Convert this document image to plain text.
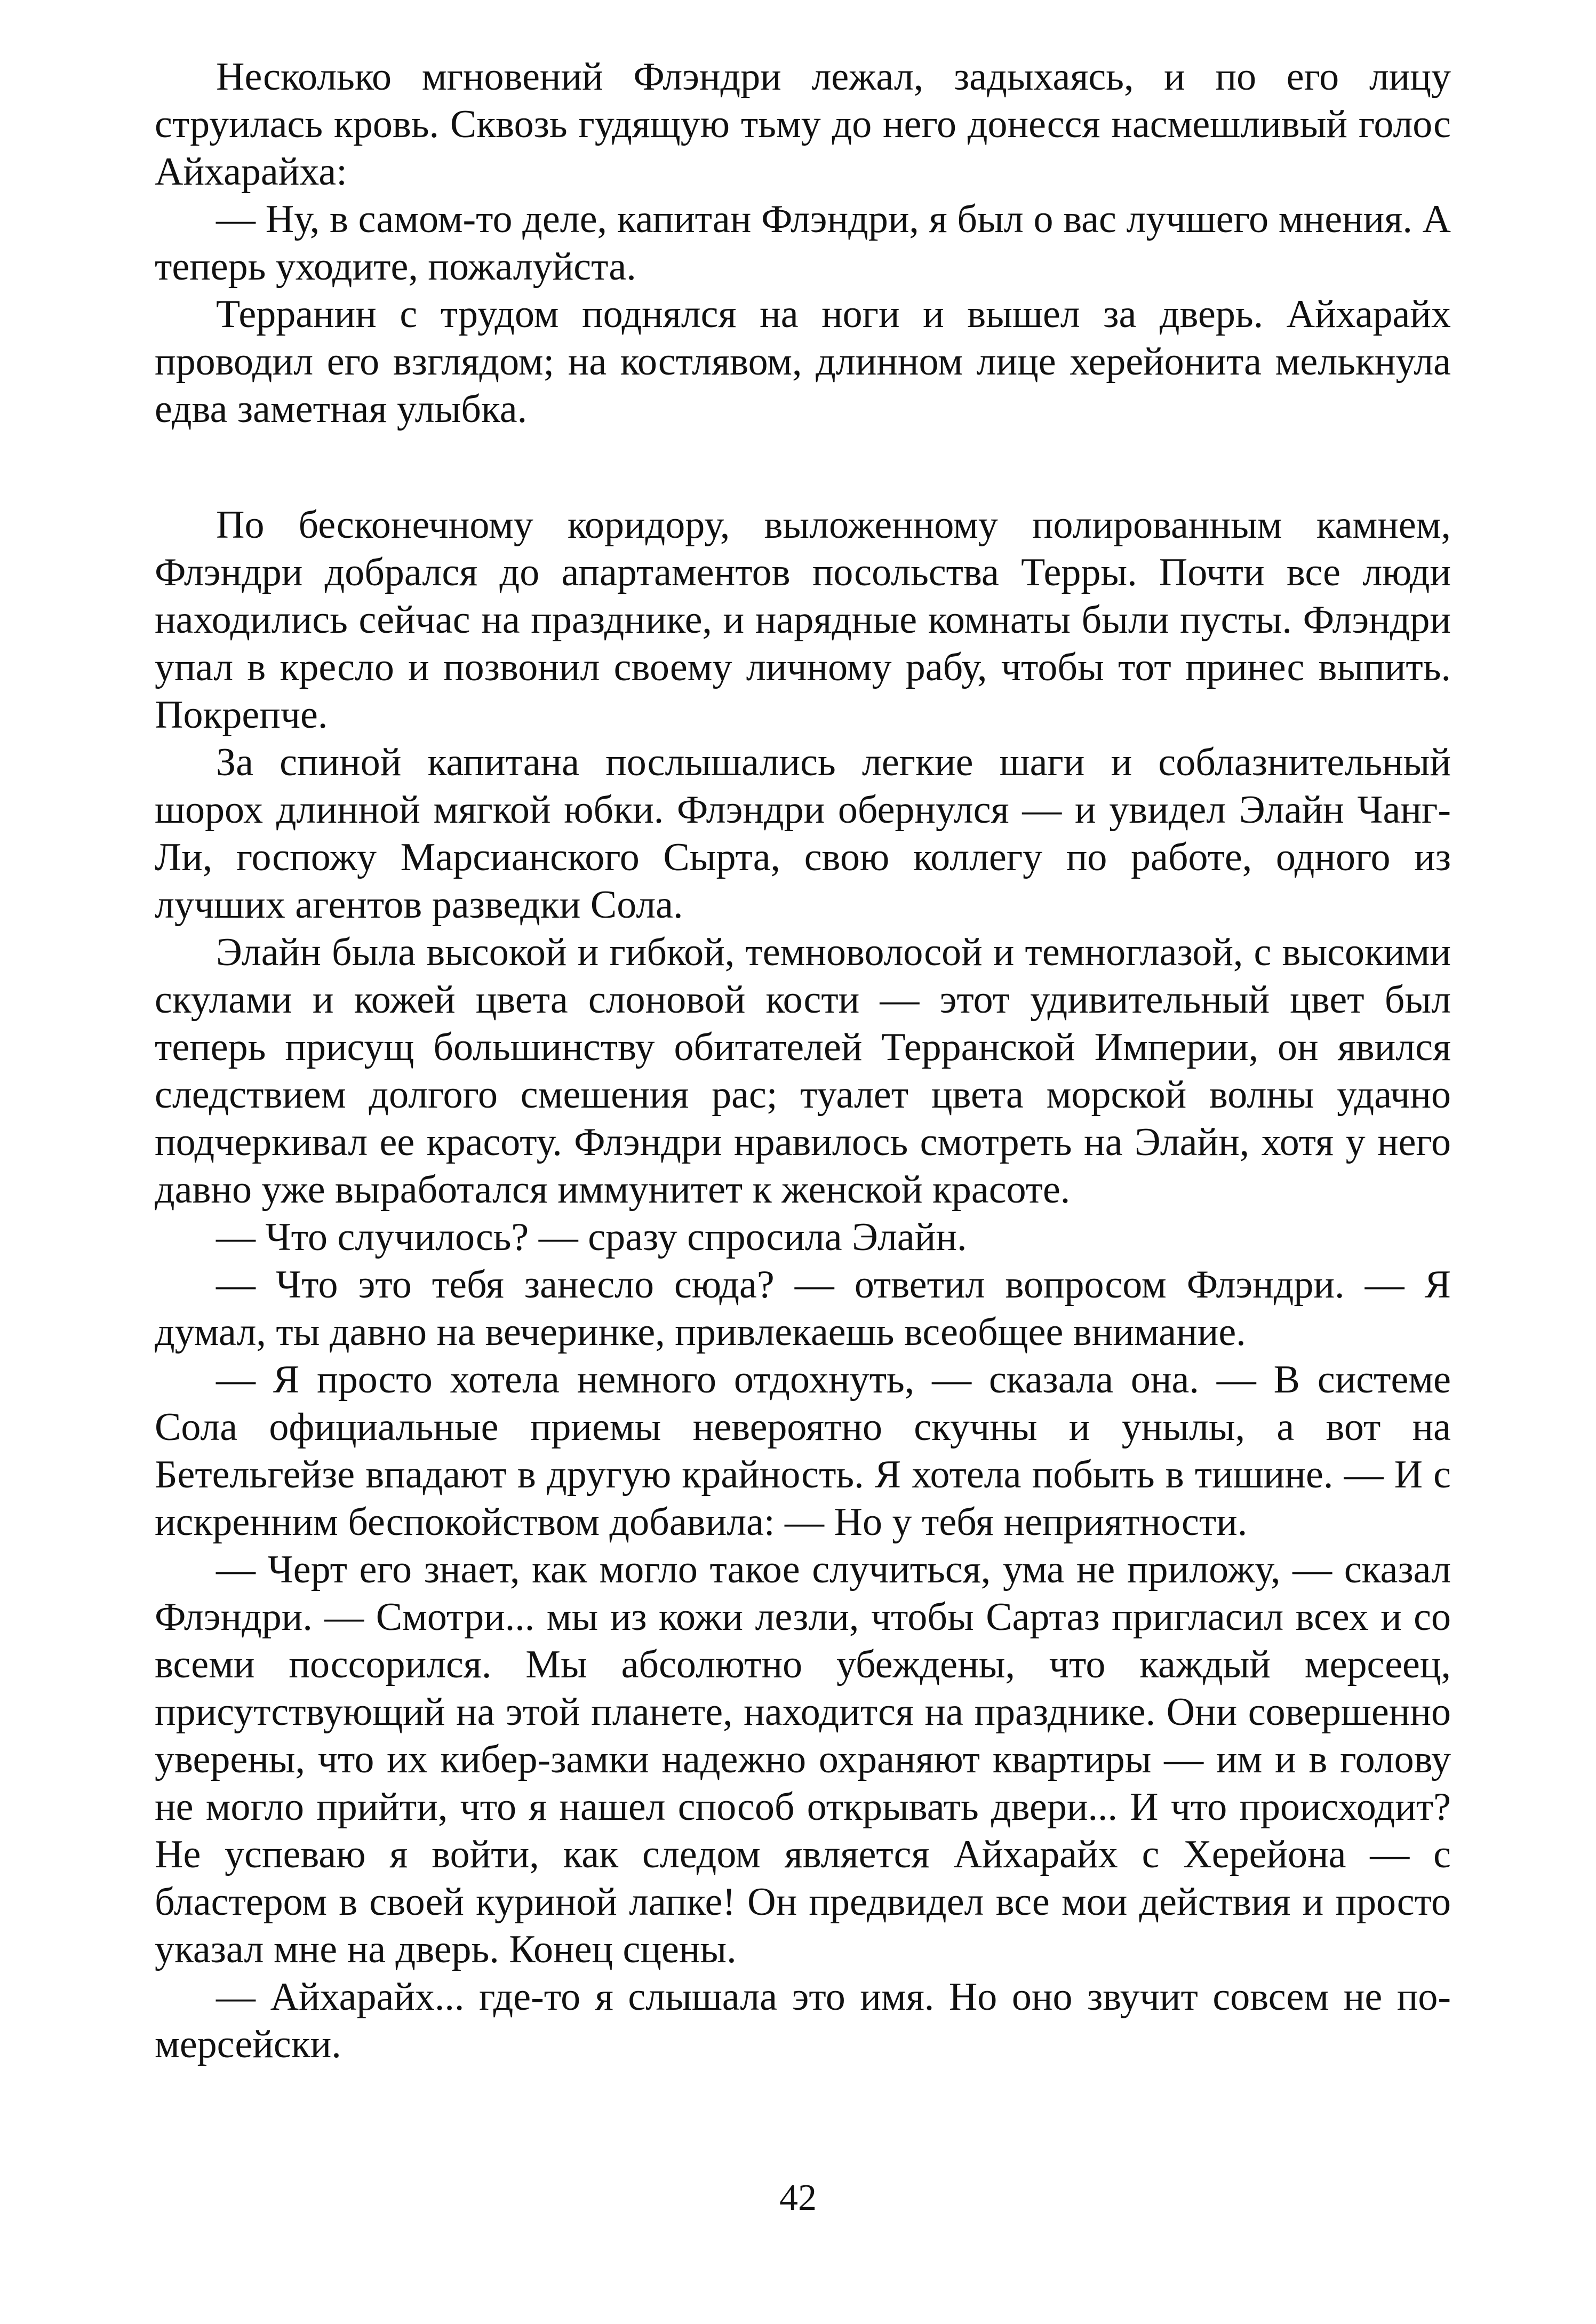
Несколько мгновений Флэндри лежал, задыхаясь, и по его лицу струилась кровь. Сквозь гудящую тьму до него донесся насмешливый голос Айхарайха:

— Ну, в самом-то деле, капитан Флэндри, я был о вас лучшего мнения. А теперь уходите, пожалуйста.

Терранин с трудом поднялся на ноги и вышел за дверь. Айхарайх проводил его взглядом; на костлявом, длинном лице херейонита мелькнула едва заметная улыбка.

По бесконечному коридору, выложенному полированным камнем, Флэндри добрался до апартаментов посольства Терры. Почти все люди находились сейчас на празднике, и нарядные комнаты были пусты. Флэндри упал в кресло и позвонил своему личному рабу, чтобы тот принес выпить. Покрепче.

За спиной капитана послышались легкие шаги и соблазнительный шорох длинной мягкой юбки. Флэндри обернулся — и увидел Элайн Чанг-Ли, госпожу Марсианского Сырта, свою коллегу по работе, одного из лучших агентов разведки Сола.

Элайн была высокой и гибкой, темноволосой и темноглазой, с высокими скулами и кожей цвета слоновой кости — этот удивительный цвет был теперь присущ большинству обитателей Терранской Империи, он явился следствием долгого смешения рас; туалет цвета морской волны удачно подчеркивал ее красоту. Флэндри нравилось смотреть на Элайн, хотя у него давно уже выработался иммунитет к женской красоте.

— Что случилось? — сразу спросила Элайн.

— Что это тебя занесло сюда? — ответил вопросом Флэндри. — Я думал, ты давно на вечеринке, привлекаешь всеобщее внимание.

— Я просто хотела немного отдохнуть, — сказала она. — В системе Сола официальные приемы невероятно скучны и унылы, а вот на Бетельгейзе впадают в другую крайность. Я хотела побыть в тишине. — И с искренним беспокойством добавила: — Но у тебя неприятности.

— Черт его знает, как могло такое случиться, ума не приложу, — сказал Флэндри. — Смотри... мы из кожи лезли, чтобы Сартаз пригласил всех и со всеми поссорился. Мы абсолютно убеждены, что каждый мерсеец, присутствующий на этой планете, находится на празднике. Они совершенно уверены, что их кибер-замки надежно охраняют квартиры — им и в голову не могло прийти, что я нашел способ открывать двери... И что происходит? Не успеваю я войти, как следом является Айхарайх с Херейона — с бластером в своей куриной лапке! Он предвидел все мои действия и просто указал мне на дверь. Конец сцены.

— Айхарайх... где-то я слышала это имя. Но оно звучит совсем не по-мерсейски.

42
